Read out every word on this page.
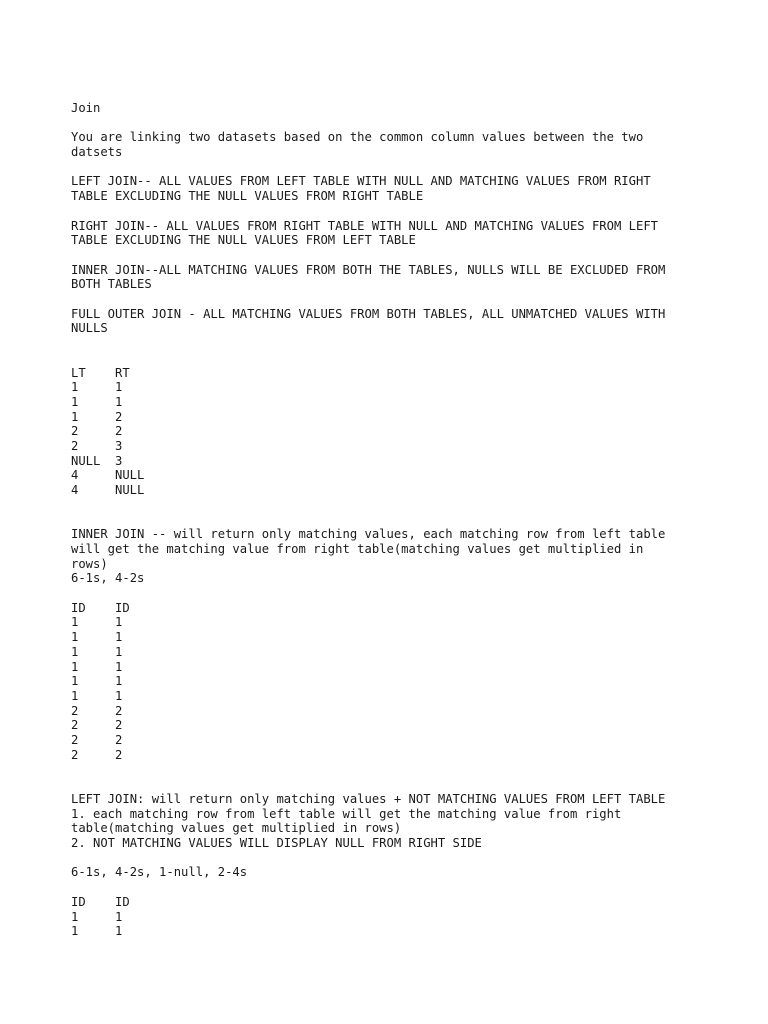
Join
You are linking two datasets based on the common column values between the two datsets
LEFT JOIN-- ALL VALUES FROM LEFT TABLE WITH NULL AND MATCHING VALUES FROM RIGHT TABLE EXCLUDING THE NULL VALUES FROM RIGHT TABLE
RIGHT JOIN-- ALL VALUES FROM RIGHT TABLE WITH NULL AND MATCHING VALUES FROM LEFT TABLE EXCLUDING THE NULL VALUES FROM LEFT TABLE
INNER JOIN--ALL MATCHING VALUES FROM BOTH THE TABLES, NULLS WILL BE EXCLUDED FROM BOTH TABLES
FULL OUTER JOIN - ALL MATCHING VALUES FROM BOTH TABLES, ALL UNMATCHED VALUES WITH NULLS
LT	RT
1	1
1	1
1	2
2	2
2	3
NULL	3
4	NULL
4	NULL
INNER JOIN -- will return only matching values, each matching row from left table will get the matching value from right table(matching values get multiplied in rows)
6-1s, 4-2s
ID	ID
1	1
1	1
1	1
1	1
1	1
1	1
2	2
2	2
2	2
2	2
LEFT JOIN: will return only matching values + NOT MATCHING VALUES FROM LEFT TABLE
1. each matching row from left table will get the matching value from right table(matching values get multiplied in rows)
2. NOT MATCHING VALUES WILL DISPLAY NULL FROM RIGHT SIDE
6-1s, 4-2s, 1-null, 2-4s
ID	ID
1	1
1	1
